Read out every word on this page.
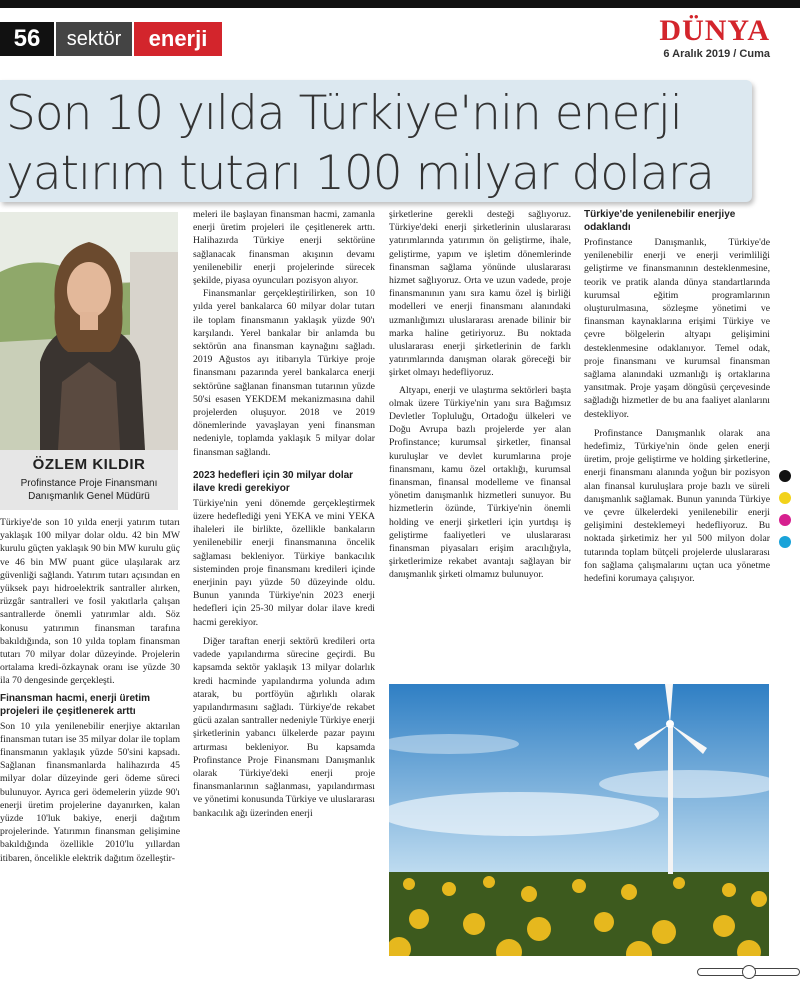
56	sektör	enerji	DÜNYA
6 Aralık 2019 / Cuma
Son 10 yılda Türkiye'nin enerji
yatırım tutarı 100 milyar dolara
ÖZLEM KILDIR
Profinstance Proje Finansmanı
Danışmanlık Genel Müdürü

Türkiye'de son 10 yılda enerji yatırım tutarı yaklaşık 100 milyar dolar oldu. 42 bin MW kurulu güçten yaklaşık 90 bin MW kurulu güç ve 46 bin MW puant güce ulaşılarak arz güvenliği sağlandı. Yatırım tutarı açısından en yüksek payı hidroelektrik santraller alırken, rüzgâr santralleri ve fosil yakıtlarla çalışan santrallerde önemli yatırımlar aldı. Söz konusu yatırımın finansman tarafına bakıldığında, son 10 yılda toplam finansman tutarı 70 milyar dolar düzeyinde. Projelerin ortalama kredi-özkaynak oranı ise yüzde 30 ila 70 dengesinde gerçekleşti.

Finansman hacmi, enerji üretim projeleri ile çeşitlenerek arttı

Son 10 yıla yenilenebilir enerjiye aktarılan finansman tutarı ise 35 milyar dolar ile toplam finansmanın yaklaşık yüzde 50'sini kapsadı. Sağlanan finansmanlarda halihazırda 45 milyar dolar düzeyinde geri ödeme süreci bulunuyor. Ayrıca geri ödemelerin yüzde 90'ı enerji üretim projelerine dayanırken, kalan yüzde 10'luk bakiye, enerji dağıtım projelerinde. Yatırımın finansman gelişimine bakıldığında özellikle 2010'lu yıllardan itibaren, öncelikle elektrik dağıtım özelleştir-

meleri ile başlayan finansman hacmi, zamanla enerji üretim projeleri ile çeşitlenerek arttı. Halihazırda Türkiye enerji sektörüne sağlanacak finansman akışının devamı yenilenebilir enerji projelerinde sürecek şekilde, piyasa oyuncuları pozisyon alıyor.

Finansmanlar gerçekleştirilirken, son 10 yılda yerel bankalarca 60 milyar dolar tutarı ile toplam finansmanın yaklaşık yüzde 90'ı karşılandı. Yerel bankalar bir anlamda bu sektörün ana finansman kaynağını sağladı. 2019 Ağustos ayı itibarıyla Türkiye proje finansmanı pazarında yerel bankalarca enerji sektörüne sağlanan finansman tutarının yüzde 50'si esasen YEKDEM mekanizmasına dahil projelerden oluşuyor. 2018 ve 2019 dönemlerinde yavaşlayan yeni finansman nedeniyle, toplamda yaklaşık 5 milyar dolar finansman sağlandı.

2023 hedefleri için 30 milyar dolar ilave kredi gerekiyor

Türkiye'nin yeni dönemde gerçekleştirmek üzere hedeflediği yeni YEKA ve mini YEKA ihaleleri ile birlikte, özellikle bankaların yenilenebilir enerji finansmanına öncelik sağlaması bekleniyor. Türkiye bankacılık sisteminden proje finansmanı kredileri içinde enerjinin payı yüzde 50 düzeyinde oldu. Bunun yanında Türkiye'nin 2023 enerji hedefleri için 25-30 milyar dolar ilave kredi hacmi gerekiyor.

Diğer taraftan enerji sektörü kredileri orta vadede yapılandırma sürecine geçirdi. Bu kapsamda sektör yaklaşık 13 milyar dolarlık kredi hacminde yapılandırma yolunda adım atarak, bu portföyün ağırlıklı olarak yapılandırmasını sağladı. Türkiye'de rekabet gücü azalan santraller nedeniyle Türkiye enerji şirketlerinin yabancı ülkelerde pazar payını artırması bekleniyor. Bu kapsamda Profinstance Proje Finansmanı Danışmanlık olarak Türkiye'deki enerji proje finansmanlarının sağlanması, yapılandırması ve yönetimi konusunda Türkiye ve uluslararası bankacılık ağı üzerinden enerji

şirketlerine gerekli desteği sağlıyoruz. Türkiye'deki enerji şirketlerinin uluslararası yatırımlarında yatırımın ön geliştirme, ihale, geliştirme, yapım ve işletim dönemlerinde finansman sağlama yönünde uluslararası hizmet sağlıyoruz. Orta ve uzun vadede, proje finansmanının yanı sıra kamu özel iş birliği modelleri ve enerji finansmanı alanındaki uzmanlığımızı uluslararası arenade bilinir bir marka haline getiriyoruz. Bu noktada uluslararası enerji şirketlerinin de farklı yatırımlarında danışman olarak göreceği bir şirket olmayı hedefliyoruz.

Altyapı, enerji ve ulaştırma sektörleri başta olmak üzere Türkiye'nin yanı sıra Bağımsız Devletler Topluluğu, Ortadoğu ülkeleri ve Doğu Avrupa bazlı projelerde yer alan Profinstance; kurumsal şirketler, finansal kuruluşlar ve devlet kurumlarına proje finansmanı, kamu özel ortaklığı, kurumsal finansman, finansal modelleme ve finansal yönetim danışmanlık hizmetleri sunuyor. Bu hizmetlerin özünde, Türkiye'nin önemli holding ve enerji şirketleri için yurtdışı iş geliştirme faaliyetleri ve uluslararası finansman piyasaları erişim aracılığıyla, şirketlerimize rekabet avantajı sağlayan bir danışmanlık şirketi olmamız bulunuyor.

Türkiye'de yenilenebilir enerjiye odaklandı

Profinstance Danışmanlık, Türkiye'de yenilenebilir enerji ve enerji verimliliği geliştirme ve finansmanının desteklenmesine, teorik ve pratik alanda dünya standartlarında kurumsal eğitim programlarının oluşturulmasına, sözleşme yönetimi ve finansman kaynaklarına erişimi Türkiye ve çevre bölgelerin altyapı gelişimini desteklenmesine odaklanıyor. Temel odak, proje finansmanı ve kurumsal finansman sağlama alanındaki uzmanlığı iş ortaklarına yansıtmak. Proje yaşam döngüsü çerçevesinde sağladığı hizmetler de bu ana faaliyet alanlarını destekliyor.

Profinstance Danışmanlık olarak ana hedefimiz, Türkiye'nin önde gelen enerji üretim, proje geliştirme ve holding şirketlerine, enerji finansmanı alanında yoğun bir pozisyon alan finansal kuruluşlara proje bazlı ve süreli danışmanlık sağlamak. Bunun yanında Türkiye ve çevre ülkelerdeki yenilenebilir enerji gelişimini desteklemeyi hedefliyoruz. Bu noktada şirketimiz her yıl 500 milyon dolar tutarında toplam bütçeli projelerde uluslararası fon sağlama çalışmalarını uçtan uca yönetme hedefini korumaya çalışıyor.
